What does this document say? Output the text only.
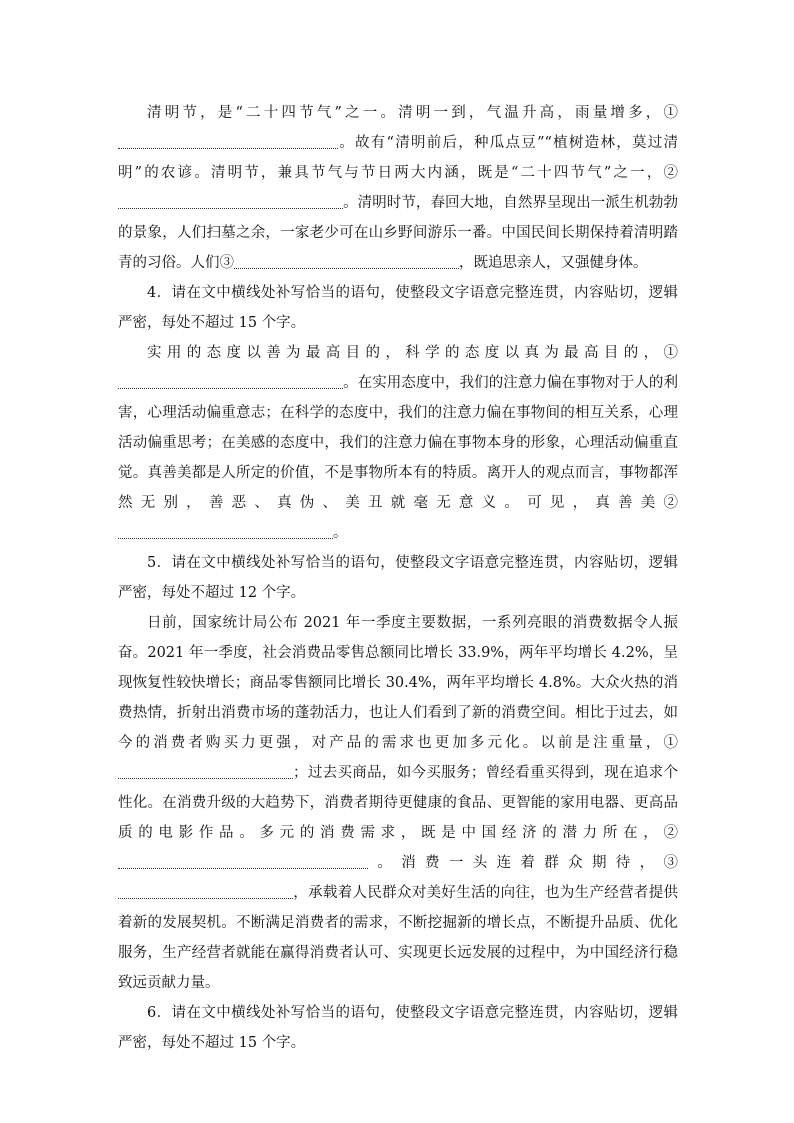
清明节，是“二十四节气”之一。清明一到，气温升高，雨量增多，①。故有“清明前后，种瓜点豆”“植树造林，莫过清明”的农谚。清明节，兼具节气与节日两大内涵，既是“二十四节气”之一，②。清明时节，春回大地，自然界呈现出一派生机勃勃的景象，人们扫墓之余，一家老少可在山乡野间游乐一番。中国民间长期保持着清明踏青的习俗。人们③	，既追思亲人，又强健身体。

4．请在文中横线处补写恰当的语句，使整段文字语意完整连贯，内容贴切，逻辑严密，每处不超过 15 个字。

实用的态度以善为最高目的，科学的态度以真为最高目的，①。在实用态度中，我们的注意力偏在事物对于人的利害，心理活动偏重意志；在科学的态度中，我们的注意力偏在事物间的相互关系，心理活动偏重思考；在美感的态度中，我们的注意力偏在事物本身的形象，心理活动偏重直觉。真善美都是人所定的价值，不是事物所本有的特质。离开人的观点而言，事物都浑然无别，善恶、真伪、美丑就毫无意义。可见，真善美②。

5．请在文中横线处补写恰当的语句，使整段文字语意完整连贯，内容贴切，逻辑严密，每处不超过 12 个字。

日前，国家统计局公布 2021 年一季度主要数据，一系列亮眼的消费数据令人振奋。2021 年一季度，社会消费品零售总额同比增长 33.9%，两年平均增长 4.2%，呈现恢复性较快增长；商品零售额同比增长 30.4%，两年平均增长 4.8%。大众火热的消费热情，折射出消费市场的蓬勃活力，也让人们看到了新的消费空间。相比于过去，如今的消费者购买力更强，对产品的需求也更加多元化。以前是注重量，①；过去买商品，如今买服务；曾经看重买得到，现在追求个性化。在消费升级的大趋势下，消费者期待更健康的食品、更智能的家用电器、更高品质的电影作品。多元的消费需求，既是中国经济的潜力所在，②。消费一头连着群众期待，③，承载着人民群众对美好生活的向往，也为生产经营者提供着新的发展契机。不断满足消费者的需求，不断挖掘新的增长点，不断提升品质、优化服务，生产经营者就能在赢得消费者认可、实现更长远发展的过程中，为中国经济行稳致远贡献力量。

6．请在文中横线处补写恰当的语句，使整段文字语意完整连贯，内容贴切，逻辑严密，每处不超过 15 个字。
